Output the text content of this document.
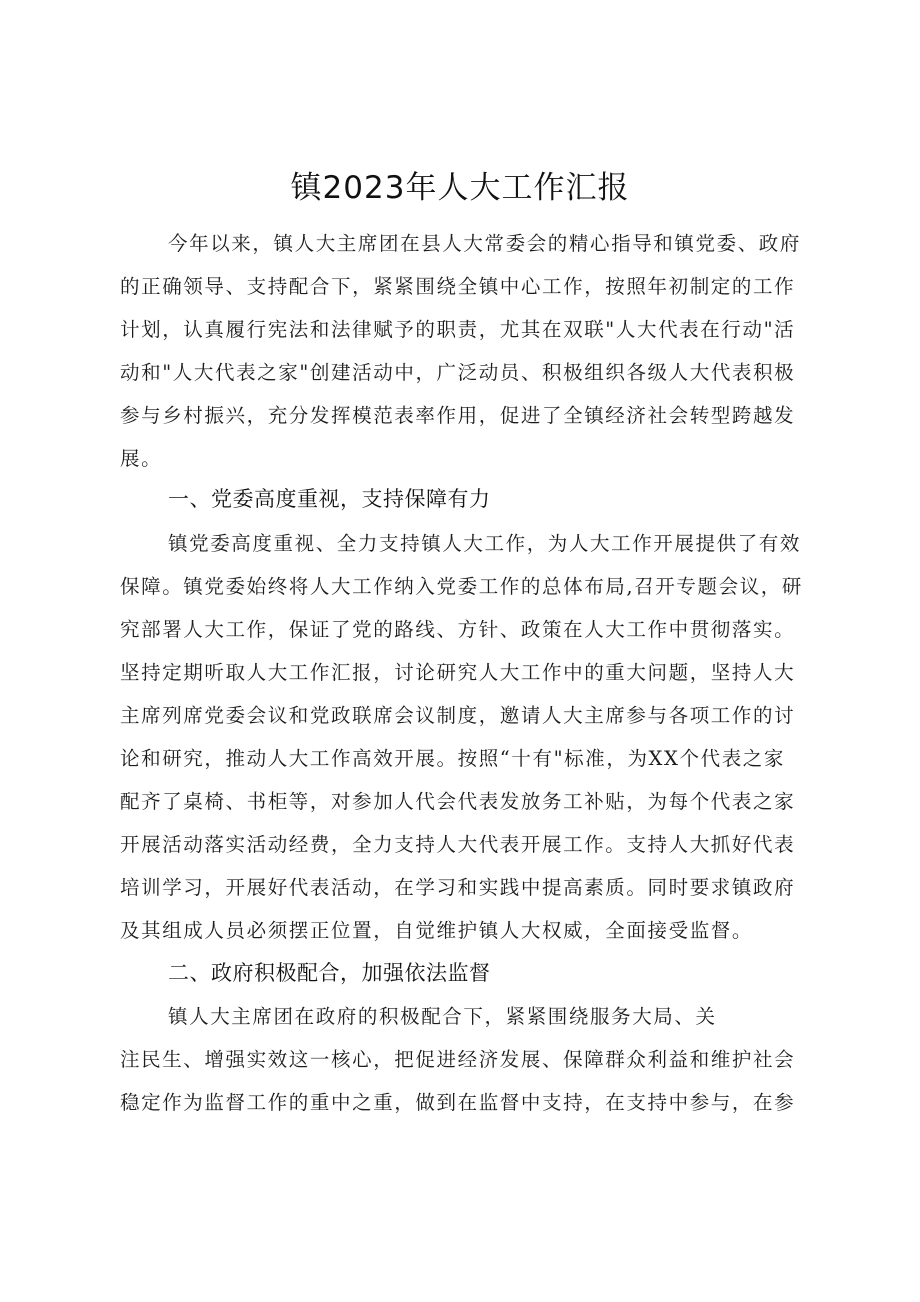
镇2023年人大工作汇报
今年以来，镇人大主席团在县人大常委会的精心指导和镇党委、政府
的正确领导、支持配合下，紧紧围绕全镇中心工作，按照年初制定的工作
计划，认真履行宪法和法律赋予的职责，尤其在双联"人大代表在行动"活
动和"人大代表之家"创建活动中，广泛动员、积极组织各级人大代表积极
参与乡村振兴，充分发挥模范表率作用，促进了全镇经济社会转型跨越发
展。
一、党委高度重视，支持保障有力
镇党委高度重视、全力支持镇人大工作，为人大工作开展提供了有效
保障。镇党委始终将人大工作纳入党委工作的总体布局,召开专题会议，研
究部署人大工作，保证了党的路线、方针、政策在人大工作中贯彻落实。
坚持定期听取人大工作汇报，讨论研究人大工作中的重大问题，坚持人大
主席列席党委会议和党政联席会议制度，邀请人大主席参与各项工作的讨
论和研究，推动人大工作高效开展。按照“十有"标准，为XX个代表之家
配齐了桌椅、书柜等，对参加人代会代表发放务工补贴，为每个代表之家
开展活动落实活动经费，全力支持人大代表开展工作。支持人大抓好代表
培训学习，开展好代表活动，在学习和实践中提高素质。同时要求镇政府
及其组成人员必须摆正位置，自觉维护镇人大权威，全面接受监督。
二、政府积极配合，加强依法监督
镇人大主席团在政府的积极配合下，紧紧围绕服务大局、关
注民生、增强实效这一核心，把促进经济发展、保障群众利益和维护社会
稳定作为监督工作的重中之重，做到在监督中支持，在支持中参与，在参
